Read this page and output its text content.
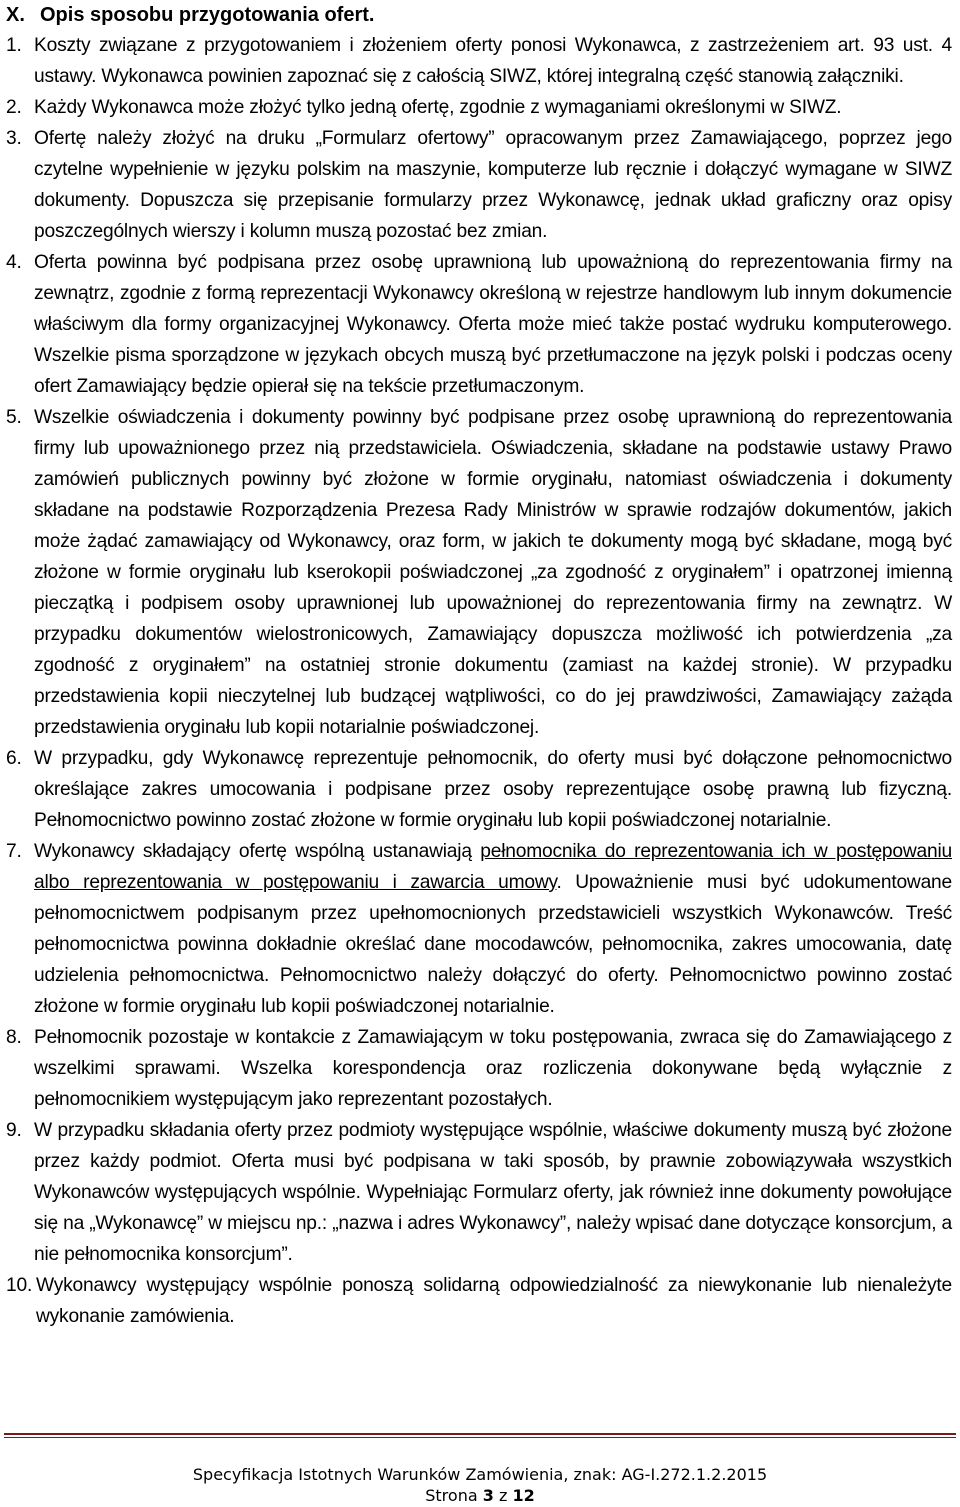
X. Opis sposobu przygotowania ofert.
1. Koszty związane z przygotowaniem i złożeniem oferty ponosi Wykonawca, z zastrzeżeniem art. 93 ust. 4 ustawy. Wykonawca powinien zapoznać się z całością SIWZ, której integralną część stanowią załączniki.
2. Każdy Wykonawca może złożyć tylko jedną ofertę, zgodnie z wymaganiami określonymi w SIWZ.
3. Ofertę należy złożyć na druku „Formularz ofertowy” opracowanym przez Zamawiającego, poprzez jego czytelne wypełnienie w języku polskim na maszynie, komputerze lub ręcznie i dołączyć wymagane w SIWZ dokumenty. Dopuszcza się przepisanie formularzy przez Wykonawcę, jednak układ graficzny oraz opisy poszczególnych wierszy i kolumn muszą pozostać bez zmian.
4. Oferta powinna być podpisana przez osobę uprawnioną lub upoważnioną do reprezentowania firmy na zewnątrz, zgodnie z formą reprezentacji Wykonawcy określoną w rejestrze handlowym lub innym dokumencie właściwym dla formy organizacyjnej Wykonawcy. Oferta może mieć także postać wydruku komputerowego. Wszelkie pisma sporządzone w językach obcych muszą być przetłumaczone na język polski i podczas oceny ofert Zamawiający będzie opierał się na tekście przetłumaczonym.
5. Wszelkie oświadczenia i dokumenty powinny być podpisane przez osobę uprawnioną do reprezentowania firmy lub upoważnionego przez nią przedstawiciela. Oświadczenia, składane na podstawie ustawy Prawo zamówień publicznych powinny być złożone w formie oryginału, natomiast oświadczenia i dokumenty składane na podstawie Rozporządzenia Prezesa Rady Ministrów w sprawie rodzajów dokumentów, jakich może żądać zamawiający od Wykonawcy, oraz form, w jakich te dokumenty mogą być składane, mogą być złożone w formie oryginału lub kserokopii poświadczonej „za zgodność z oryginałem” i opatrzonej imienną pieczątką i podpisem osoby uprawnionej lub upoważnionej do reprezentowania firmy na zewnątrz. W przypadku dokumentów wielostronicowych, Zamawiający dopuszcza możliwość ich potwierdzenia „za zgodność z oryginałem” na ostatniej stronie dokumentu (zamiast na każdej stronie). W przypadku przedstawienia kopii nieczytelnej lub budzącej wątpliwości, co do jej prawdziwości, Zamawiający zażąda przedstawienia oryginału lub kopii notarialnie poświadczonej.
6. W przypadku, gdy Wykonawcę reprezentuje pełnomocnik, do oferty musi być dołączone pełnomocnictwo określające zakres umocowania i podpisane przez osoby reprezentujące osobę prawną lub fizyczną. Pełnomocnictwo powinno zostać złożone w formie oryginału lub kopii poświadczonej notarialnie.
7. Wykonawcy składający ofertę wspólną ustanawiają pełnomocnika do reprezentowania ich w postępowaniu albo reprezentowania w postępowaniu i zawarcia umowy. Upoważnienie musi być udokumentowane pełnomocnictwem podpisanym przez upełnomocnionych przedstawicieli wszystkich Wykonawców. Treść pełnomocnictwa powinna dokładnie określać dane mocodawców, pełnomocnika, zakres umocowania, datę udzielenia pełnomocnictwa. Pełnomocnictwo należy dołączyć do oferty. Pełnomocnictwo powinno zostać złożone w formie oryginału lub kopii poświadczonej notarialnie.
8. Pełnomocnik pozostaje w kontakcie z Zamawiającym w toku postępowania, zwraca się do Zamawiającego z wszelkimi sprawami. Wszelka korespondencja oraz rozliczenia dokonywane będą wyłącznie z pełnomocnikiem występującym jako reprezentant pozostałych.
9. W przypadku składania oferty przez podmioty występujące wspólnie, właściwe dokumenty muszą być złożone przez każdy podmiot. Oferta musi być podpisana w taki sposób, by prawnie zobowiązywała wszystkich Wykonawców występujących wspólnie. Wypełniając Formularz oferty, jak również inne dokumenty powołujące się na „Wykonawcę” w miejscu np.: „nazwa i adres Wykonawcy”, należy wpisać dane dotyczące konsorcjum, a nie pełnomocnika konsorcjum”.
10. Wykonawcy występujący wspólnie ponoszą solidarną odpowiedzialność za niewykonanie lub nienależyte wykonanie zamówienia.
Specyfikacja Istotnych Warunków Zamówienia, znak: AG-I.272.1.2.2015
Strona 3 z 12
